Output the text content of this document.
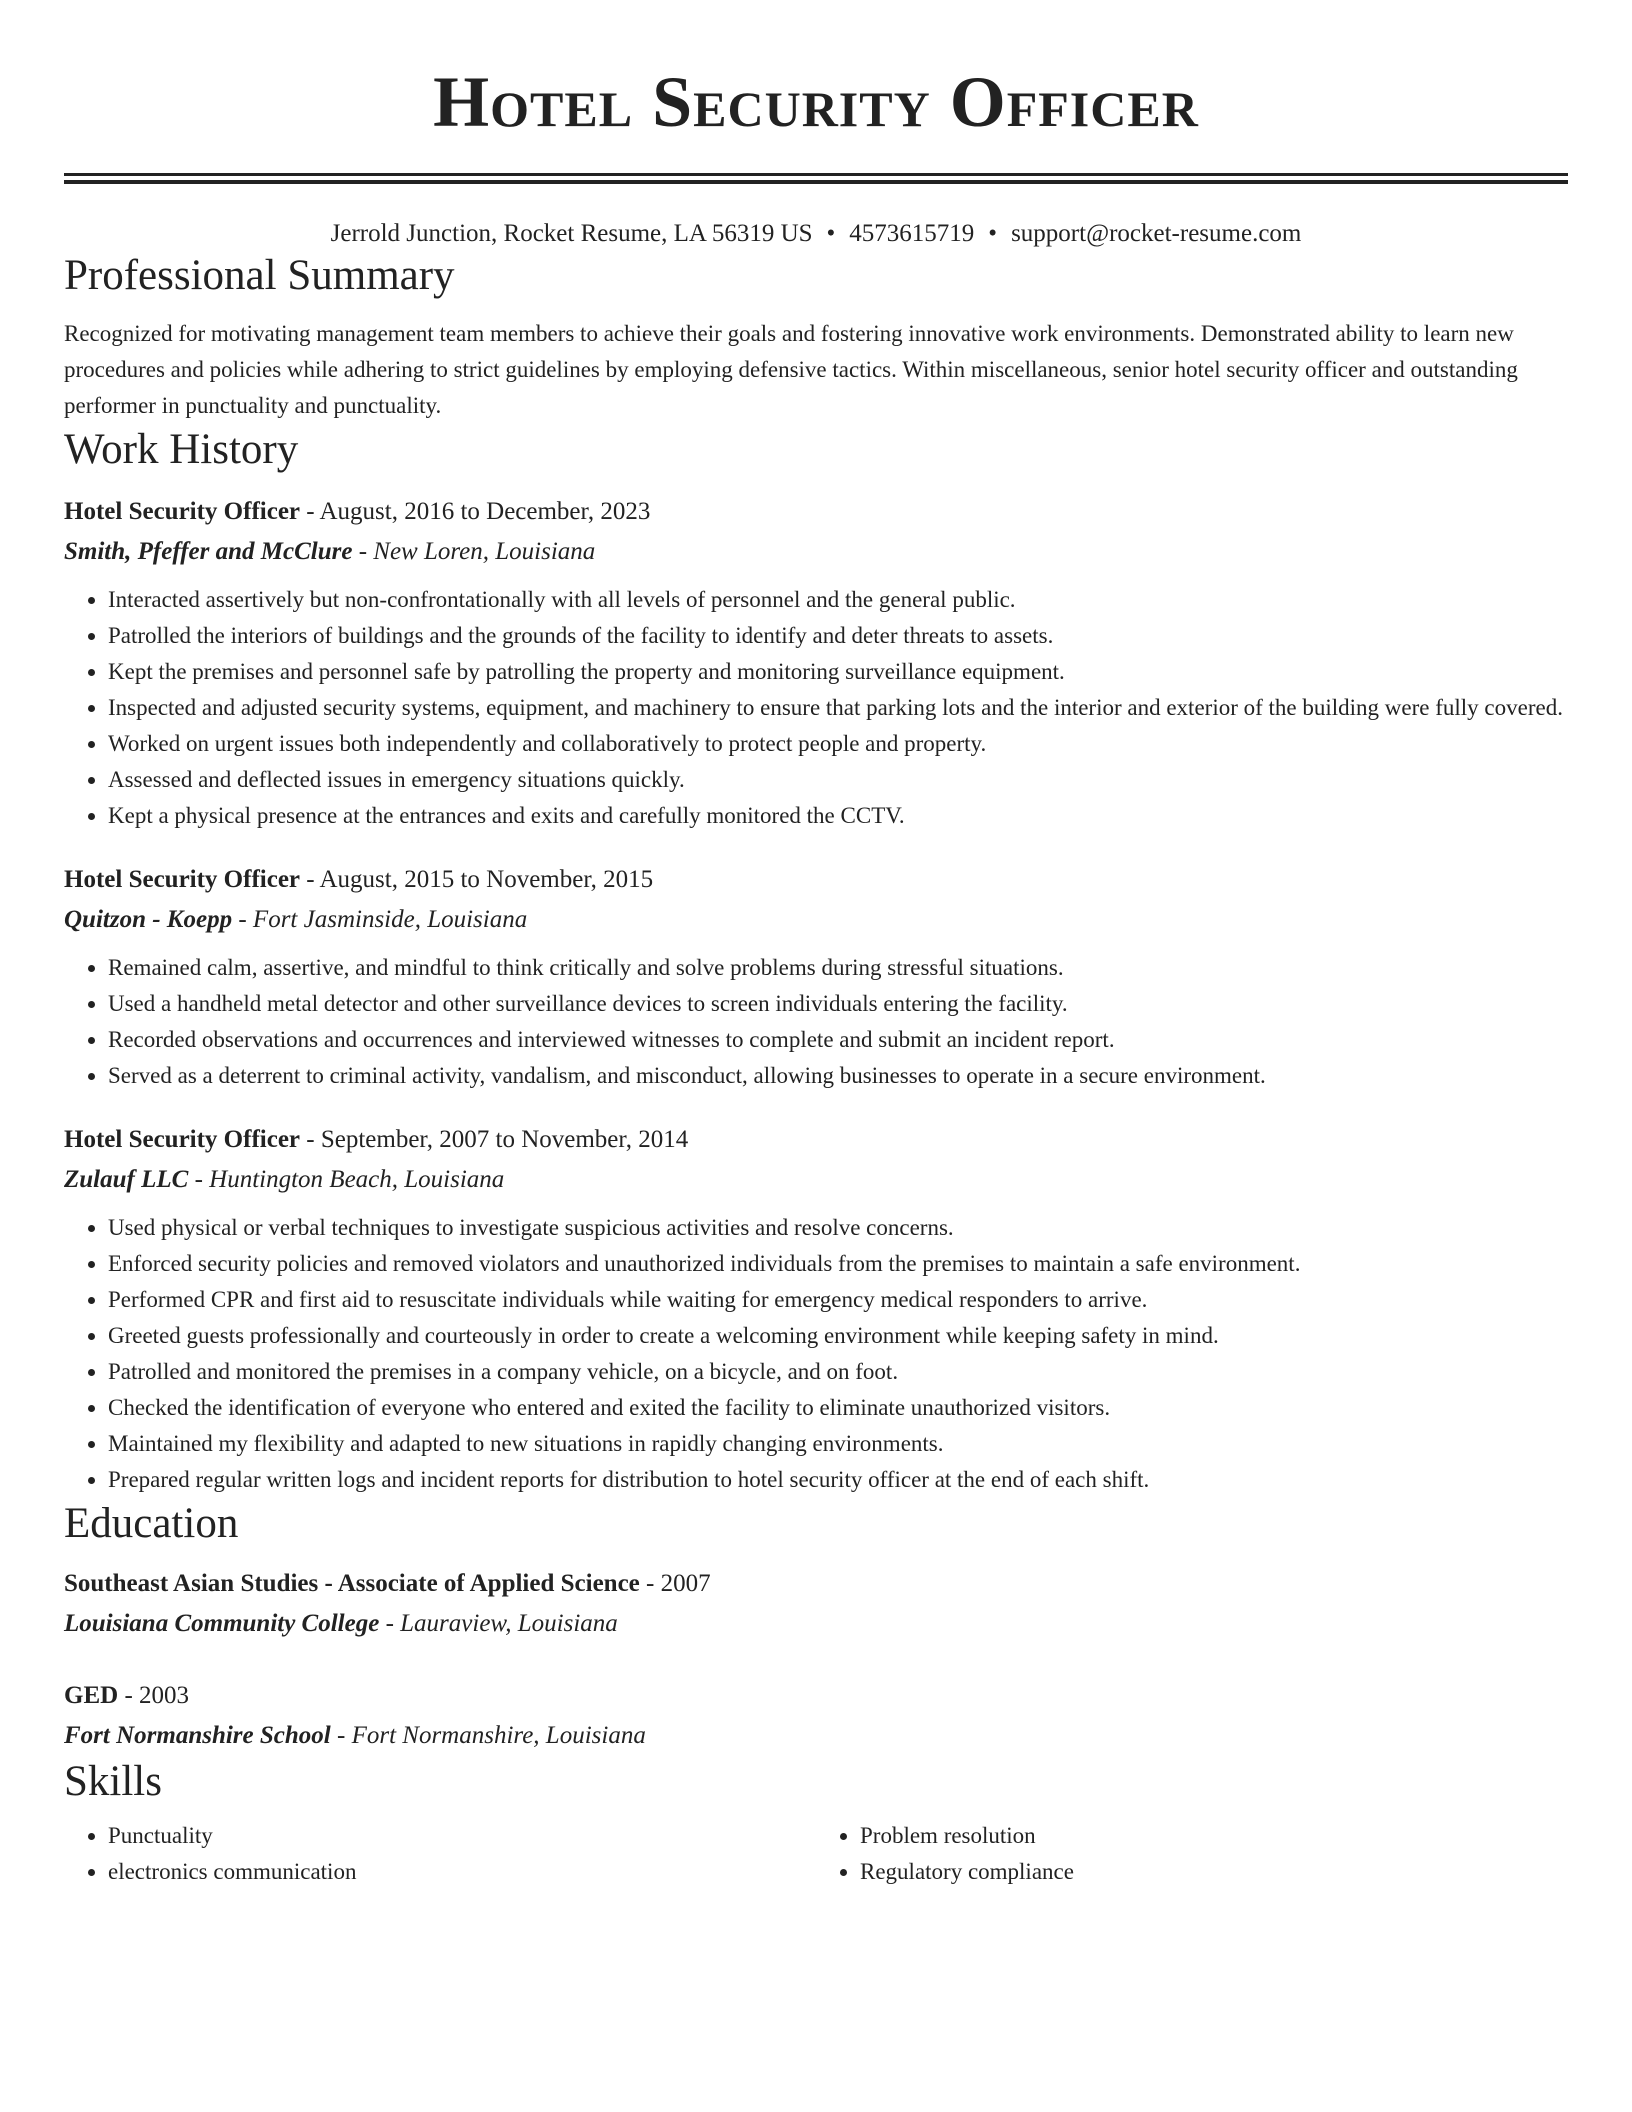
Hotel Security Officer
Jerrold Junction, Rocket Resume, LA 56319 US • 4573615719 • support@rocket-resume.com
Professional Summary

Recognized for motivating management team members to achieve their goals and fostering innovative work environments. Demonstrated ability to learn new procedures and policies while adhering to strict guidelines by employing defensive tactics. Within miscellaneous, senior hotel security officer and outstanding performer in punctuality and punctuality.

Work History
Hotel Security Officer - August, 2016 to December, 2023
Smith, Pfeffer and McClure - New Loren, Louisiana
• Interacted assertively but non-confrontationally with all levels of personnel and the general public.
• Patrolled the interiors of buildings and the grounds of the facility to identify and deter threats to assets.
• Kept the premises and personnel safe by patrolling the property and monitoring surveillance equipment.
• Inspected and adjusted security systems, equipment, and machinery to ensure that parking lots and the interior and exterior of the building were fully covered.
• Worked on urgent issues both independently and collaboratively to protect people and property.
• Assessed and deflected issues in emergency situations quickly.
• Kept a physical presence at the entrances and exits and carefully monitored the CCTV.
Hotel Security Officer - August, 2015 to November, 2015
Quitzon - Koepp - Fort Jasminside, Louisiana
• Remained calm, assertive, and mindful to think critically and solve problems during stressful situations.
• Used a handheld metal detector and other surveillance devices to screen individuals entering the facility.
• Recorded observations and occurrences and interviewed witnesses to complete and submit an incident report.
• Served as a deterrent to criminal activity, vandalism, and misconduct, allowing businesses to operate in a secure environment.
Hotel Security Officer - September, 2007 to November, 2014
Zulauf LLC - Huntington Beach, Louisiana
• Used physical or verbal techniques to investigate suspicious activities and resolve concerns.
• Enforced security policies and removed violators and unauthorized individuals from the premises to maintain a safe environment.
• Performed CPR and first aid to resuscitate individuals while waiting for emergency medical responders to arrive.
• Greeted guests professionally and courteously in order to create a welcoming environment while keeping safety in mind.
• Patrolled and monitored the premises in a company vehicle, on a bicycle, and on foot.
• Checked the identification of everyone who entered and exited the facility to eliminate unauthorized visitors.
• Maintained my flexibility and adapted to new situations in rapidly changing environments.
• Prepared regular written logs and incident reports for distribution to hotel security officer at the end of each shift.
Education
Southeast Asian Studies - Associate of Applied Science - 2007
Louisiana Community College - Lauraview, Louisiana
GED - 2003
Fort Normanshire School - Fort Normanshire, Louisiana
Skills
• Punctuality
• electronics communication
• Problem resolution
• Regulatory compliance
